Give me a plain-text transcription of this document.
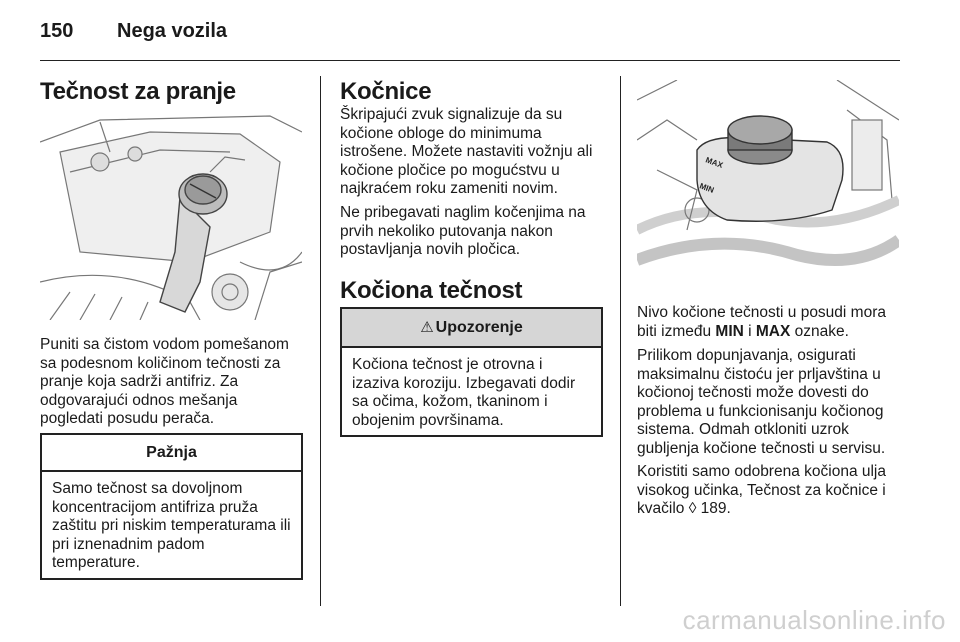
150 Nega vozila
Tečnost za pranje

Puniti sa čistom vodom pomešanom sa podesnom količinom tečnosti za pranje koja sadrži antifriz. Za odgovarajući odnos mešanja pogledati posudu perača.

Pažnja
Samo tečnost sa dovoljnom koncentracijom antifriza pruža zaštitu pri niskim temperaturama ili pri iznenadnim padom temperature.
Kočnice

Škripajući zvuk signalizuje da su kočione obloge do minimuma istrošene. Možete nastaviti vožnju ali kočione pločice po mogućstvu u najkraćem roku zameniti novim.

Ne pribegavati naglim kočenjima na prvih nekoliko putovanja nakon postavljanja novih pločica.

Kočiona tečnost
⚠ Upozorenje
Kočiona tečnost je otrovna i izaziva koroziju. Izbegavati dodir sa očima, kožom, tkaninom i obojenim površinama.
MAX
MIN

Nivo kočione tečnosti u posudi mora biti između MIN i MAX oznake.

Prilikom dopunjavanja, osigurati maksimalnu čistoću jer prljavština u kočionoj tečnosti može dovesti do problema u funkcionisanju kočionog sistema. Odmah otkloniti uzrok gubljenja kočione tečnosti u servisu.

Koristiti samo odobrena kočiona ulja visokog učinka, Tečnost za kočnice i kvačilo ◊ 189.

carmanualsonline.info
